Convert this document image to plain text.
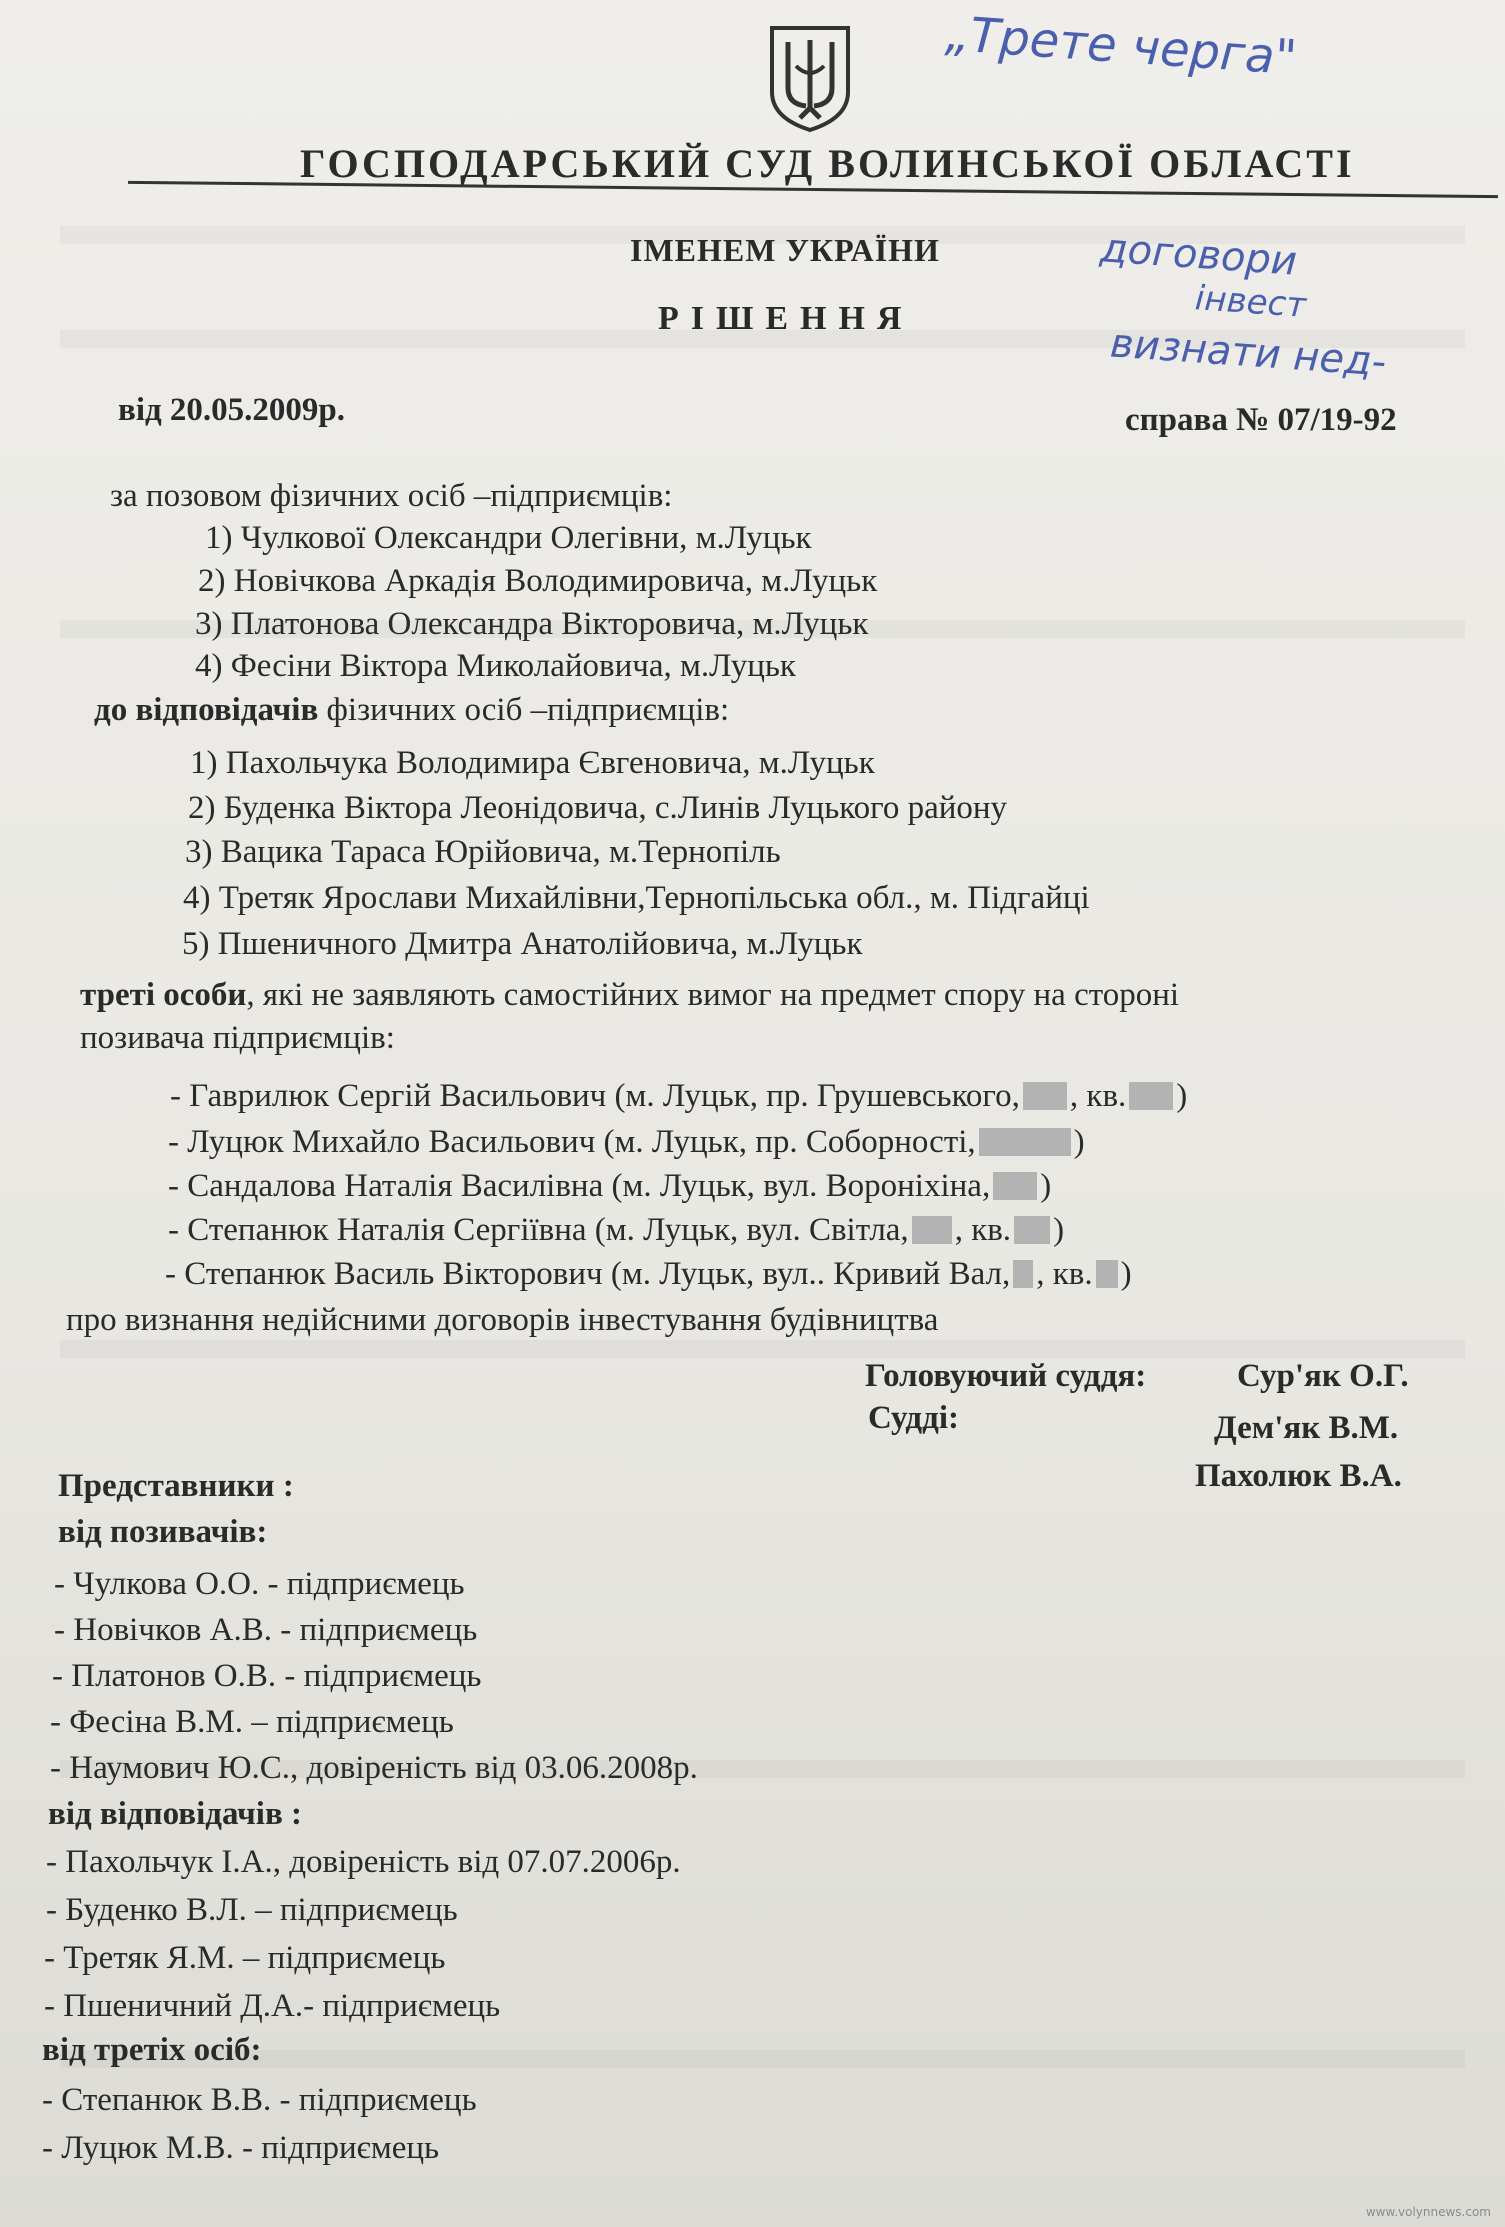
„Трете черга"
договори
інвест
визнати нед-
ГОСПОДАРСЬКИЙ СУД ВОЛИНСЬКОЇ ОБЛАСТІ
ІМЕНЕМ УКРАЇНИ
РІШЕННЯ
від 20.05.2009р.	справа № 07/19-92
за позовом фізичних осіб –підприємців:
1) Чулкової Олександри Олегівни, м.Луцьк
2) Новічкова Аркадія Володимировича, м.Луцьк
3) Платонова Олександра Вікторовича, м.Луцьк
4) Фесіни Віктора Миколайовича, м.Луцьк
до відповідачів фізичних осіб –підприємців:
1) Пахольчука Володимира Євгеновича, м.Луцьк
2) Буденка Віктора Леонідовича, с.Линів Луцького району
3) Вацика Тараса Юрійовича, м.Тернопіль
4) Третяк Ярослави Михайлівни,Тернопільська обл., м. Підгайці
5) Пшеничного Дмитра Анатолійовича, м.Луцьк
треті особи, які не заявляють самостійних вимог на предмет спору на стороні
позивача підприємців:
- Гаврилюк Сергій Васильович (м. Луцьк, пр. Грушевського, , кв. )
- Луцюк Михайло Васильович (м. Луцьк, пр. Соборності,	)
- Сандалова Наталія Василівна (м. Луцьк, вул. Вороніхіна, )
- Степанюк Наталія Сергіївна (м. Луцьк, вул. Світла, , кв. )
- Степанюк Василь Вікторович (м. Луцьк, вул.. Кривий Вал, , кв. )
про визнання недійсними договорів інвестування будівництва
Головуючий суддя:	Сур'як О.Г.
Судді:	Дем'як В.М.
Пахолюк В.А.
Представники :
від позивачів:
- Чулкова О.О. - підприємець
- Новічков А.В. - підприємець
- Платонов О.В. - підприємець
- Фесіна В.М. – підприємець
- Наумович Ю.С., довіреність від 03.06.2008р.
від відповідачів :
- Пахольчук І.А., довіреність від 07.07.2006р.
- Буденко В.Л. – підприємець
- Третяк Я.М. – підприємець
- Пшеничний Д.А.- підприємець
від третіх осіб:
- Степанюк В.В. - підприємець
- Луцюк М.В. - підприємець
www.volynnews.com
